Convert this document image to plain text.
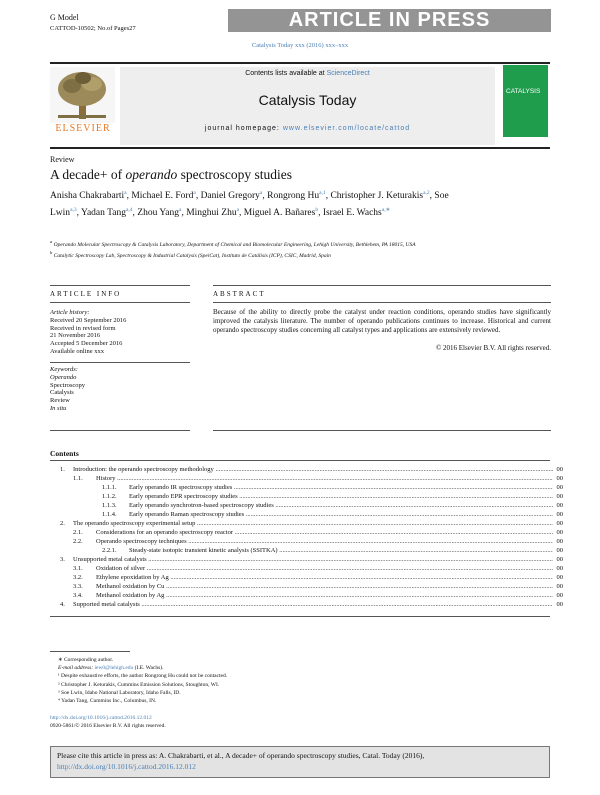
G Model
CATTOD-10502; No.of Pages27	ARTICLE IN PRESS
Catalysis Today xxx (2016) xxx–xxx
Contents lists available at ScienceDirect
Catalysis Today
journal homepage: www.elsevier.com/locate/cattod
ELSEVIER
CATALYSIS
Review
A decade+ of operando spectroscopy studies
Anisha Chakrabarti$^a$, Michael E. Ford$^a$, Daniel Gregory$^a$, Rongrong Hu$^{a,1}$, Christopher J. Keturakis$^{a,2}$, Soe Lwin$^{a,3}$, Yadan Tang$^{a,4}$, Zhou Yang$^a$, Minghui Zhu$^a$, Miguel A. Bañares$^b$, Israel E. Wachs$^{a,∗}$
$^a$ Operando Molecular Spectroscopy & Catalysis Laboratory, Department of Chemical and Biomolecular Engineering, Lehigh University, Bethlehem, PA 18015, USA
$^b$ Catalytic Spectroscopy Lab, Spectroscopy & Industrial Catalysis (SpeiCat), Instituto de Catálisis (ICP), CSIC, Madrid, Spain
ARTICLE INFO
Article history:
Received 20 September 2016
Received in revised form
21 November 2016
Accepted 5 December 2016
Available online xxx
Keywords:
Operando
Spectroscopy
Catalysis
Review
In situ
ABSTRACT
Because of the ability to directly probe the catalyst under reaction conditions, operando studies have significantly improved the catalysis literature. The number of operando publications continues to increase. Historical and current operando spectroscopy studies concerning all catalyst types and applications are extensively reviewed.
© 2016 Elsevier B.V. All rights reserved.
Contents
1. Introduction: the operando spectroscopy methodology .....	00
1.1. History .....	00
1.1.1. Early operando IR spectroscopy studies .....	00
1.1.2. Early operando EPR spectroscopy studies .....	00
1.1.3. Early operando synchrotron-based spectroscopy studies .....	00
1.1.4. Early operando Raman spectroscopy studies .....	00
2. The operando spectroscopy experimental setup .....	00
2.1. Considerations for an operando spectroscopy reactor .....	00
2.2. Operando spectroscopy techniques .....	00
2.2.1. Steady-state isotopic transient kinetic analysis (SSITKA) .....	00
3. Unsupported metal catalysts .....	00
3.1. Oxidation of silver .....	00
3.2. Ethylene epoxidation by Ag .....	00
3.3. Methanol oxidation by Cu .....	00
3.4. Methanol oxidation by Ag .....	00
4. Supported metal catalysts .....	00
∗ Corresponding author.
E-mail address: iew0@lehigh.edu (I.E. Wachs).
¹ Despite exhaustive efforts, the author Rongrong Hu could not be contacted.
² Christopher J. Keturakis, Cummins Emission Solutions, Stoughton, WI.
³ Soe Lwin, Idaho National Laboratory, Idaho Falls, ID.
⁴ Yadan Tang, Cummins Inc., Columbus, IN.
http://dx.doi.org/10.1016/j.cattod.2016.12.012
0920-5861/© 2016 Elsevier B.V. All rights reserved.
Please cite this article in press as: A. Chakrabarti, et al., A decade+ of operando spectroscopy studies, Catal. Today (2016), http://dx.doi.org/10.1016/j.cattod.2016.12.012
